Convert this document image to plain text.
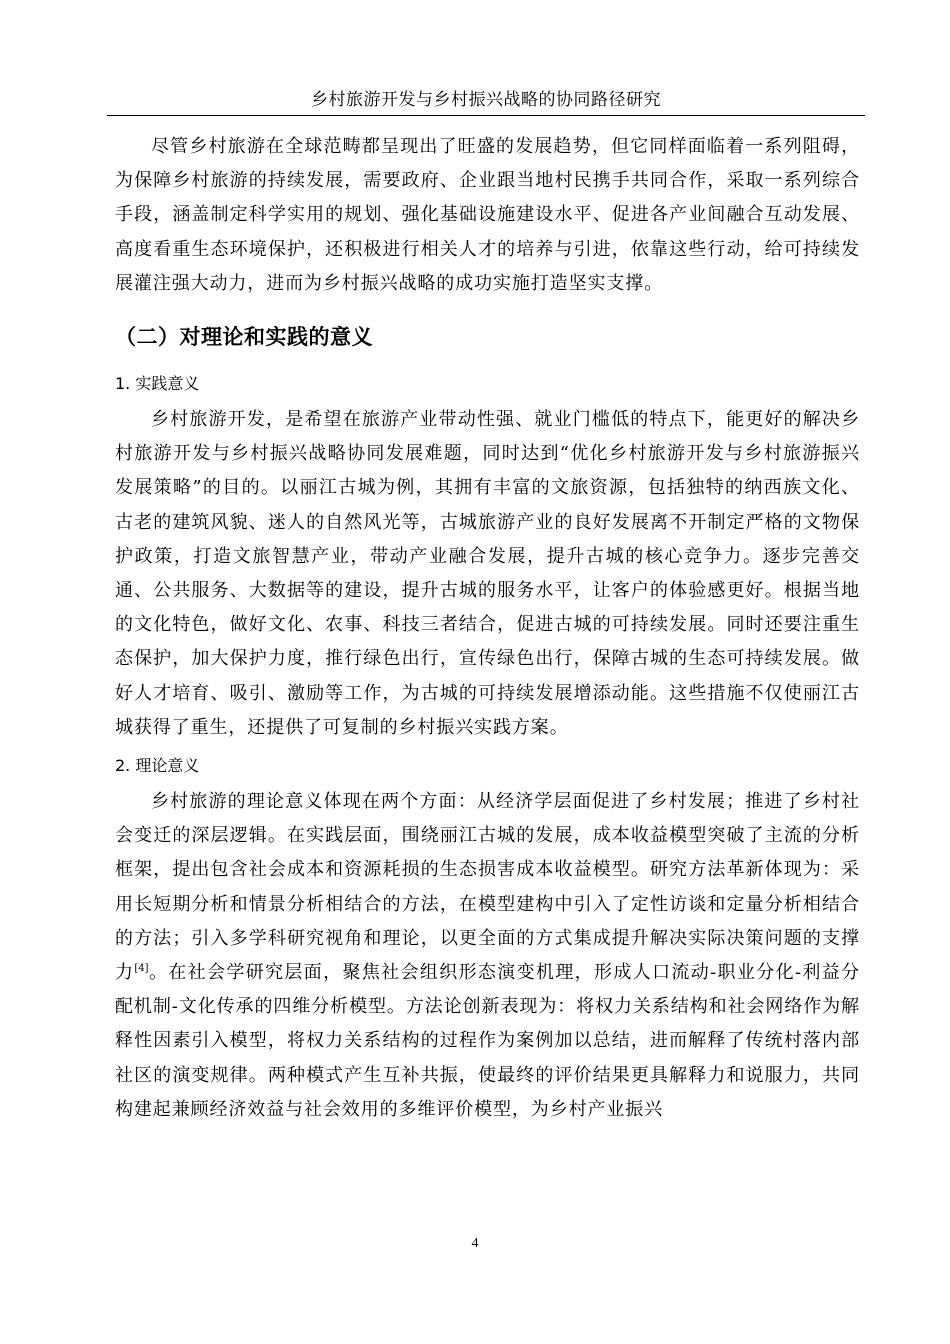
乡村旅游开发与乡村振兴战略的协同路径研究

尽管乡村旅游在全球范畴都呈现出了旺盛的发展趋势，但它同样面临着一系列阻碍，为保障乡村旅游的持续发展，需要政府、企业跟当地村民携手共同合作，采取一系列综合手段，涵盖制定科学实用的规划、强化基础设施建设水平、促进各产业间融合互动发展、高度看重生态环境保护，还积极进行相关人才的培养与引进，依靠这些行动，给可持续发展灌注强大动力，进而为乡村振兴战略的成功实施打造坚实支撑。

（二）对理论和实践的意义
1. 实践意义

乡村旅游开发，是希望在旅游产业带动性强、就业门槛低的特点下，能更好的解决乡村旅游开发与乡村振兴战略协同发展难题，同时达到“优化乡村旅游开发与乡村旅游振兴发展策略”的目的。以丽江古城为例，其拥有丰富的文旅资源，包括独特的纳西族文化、古老的建筑风貌、迷人的自然风光等，古城旅游产业的良好发展离不开制定严格的文物保护政策，打造文旅智慧产业，带动产业融合发展，提升古城的核心竞争力。逐步完善交通、公共服务、大数据等的建设，提升古城的服务水平，让客户的体验感更好。根据当地的文化特色，做好文化、农事、科技三者结合，促进古城的可持续发展。同时还要注重生态保护，加大保护力度，推行绿色出行，宣传绿色出行，保障古城的生态可持续发展。做好人才培育、吸引、激励等工作，为古城的可持续发展增添动能。这些措施不仅使丽江古城获得了重生，还提供了可复制的乡村振兴实践方案。

2. 理论意义

乡村旅游的理论意义体现在两个方面：从经济学层面促进了乡村发展；推进了乡村社会变迁的深层逻辑。在实践层面，围绕丽江古城的发展，成本收益模型突破了主流的分析框架，提出包含社会成本和资源耗损的生态损害成本收益模型。研究方法革新体现为：采用长短期分析和情景分析相结合的方法，在模型建构中引入了定性访谈和定量分析相结合的方法；引入多学科研究视角和理论，以更全面的方式集成提升解决实际决策问题的支撑力[4]。在社会学研究层面，聚焦社会组织形态演变机理，形成人口流动-职业分化-利益分配机制-文化传承的四维分析模型。方法论创新表现为：将权力关系结构和社会网络作为解释性因素引入模型，将权力关系结构的过程作为案例加以总结，进而解释了传统村落内部社区的演变规律。两种模式产生互补共振，使最终的评价结果更具解释力和说服力，共同构建起兼顾经济效益与社会效用的多维评价模型，为乡村产业振兴

4
